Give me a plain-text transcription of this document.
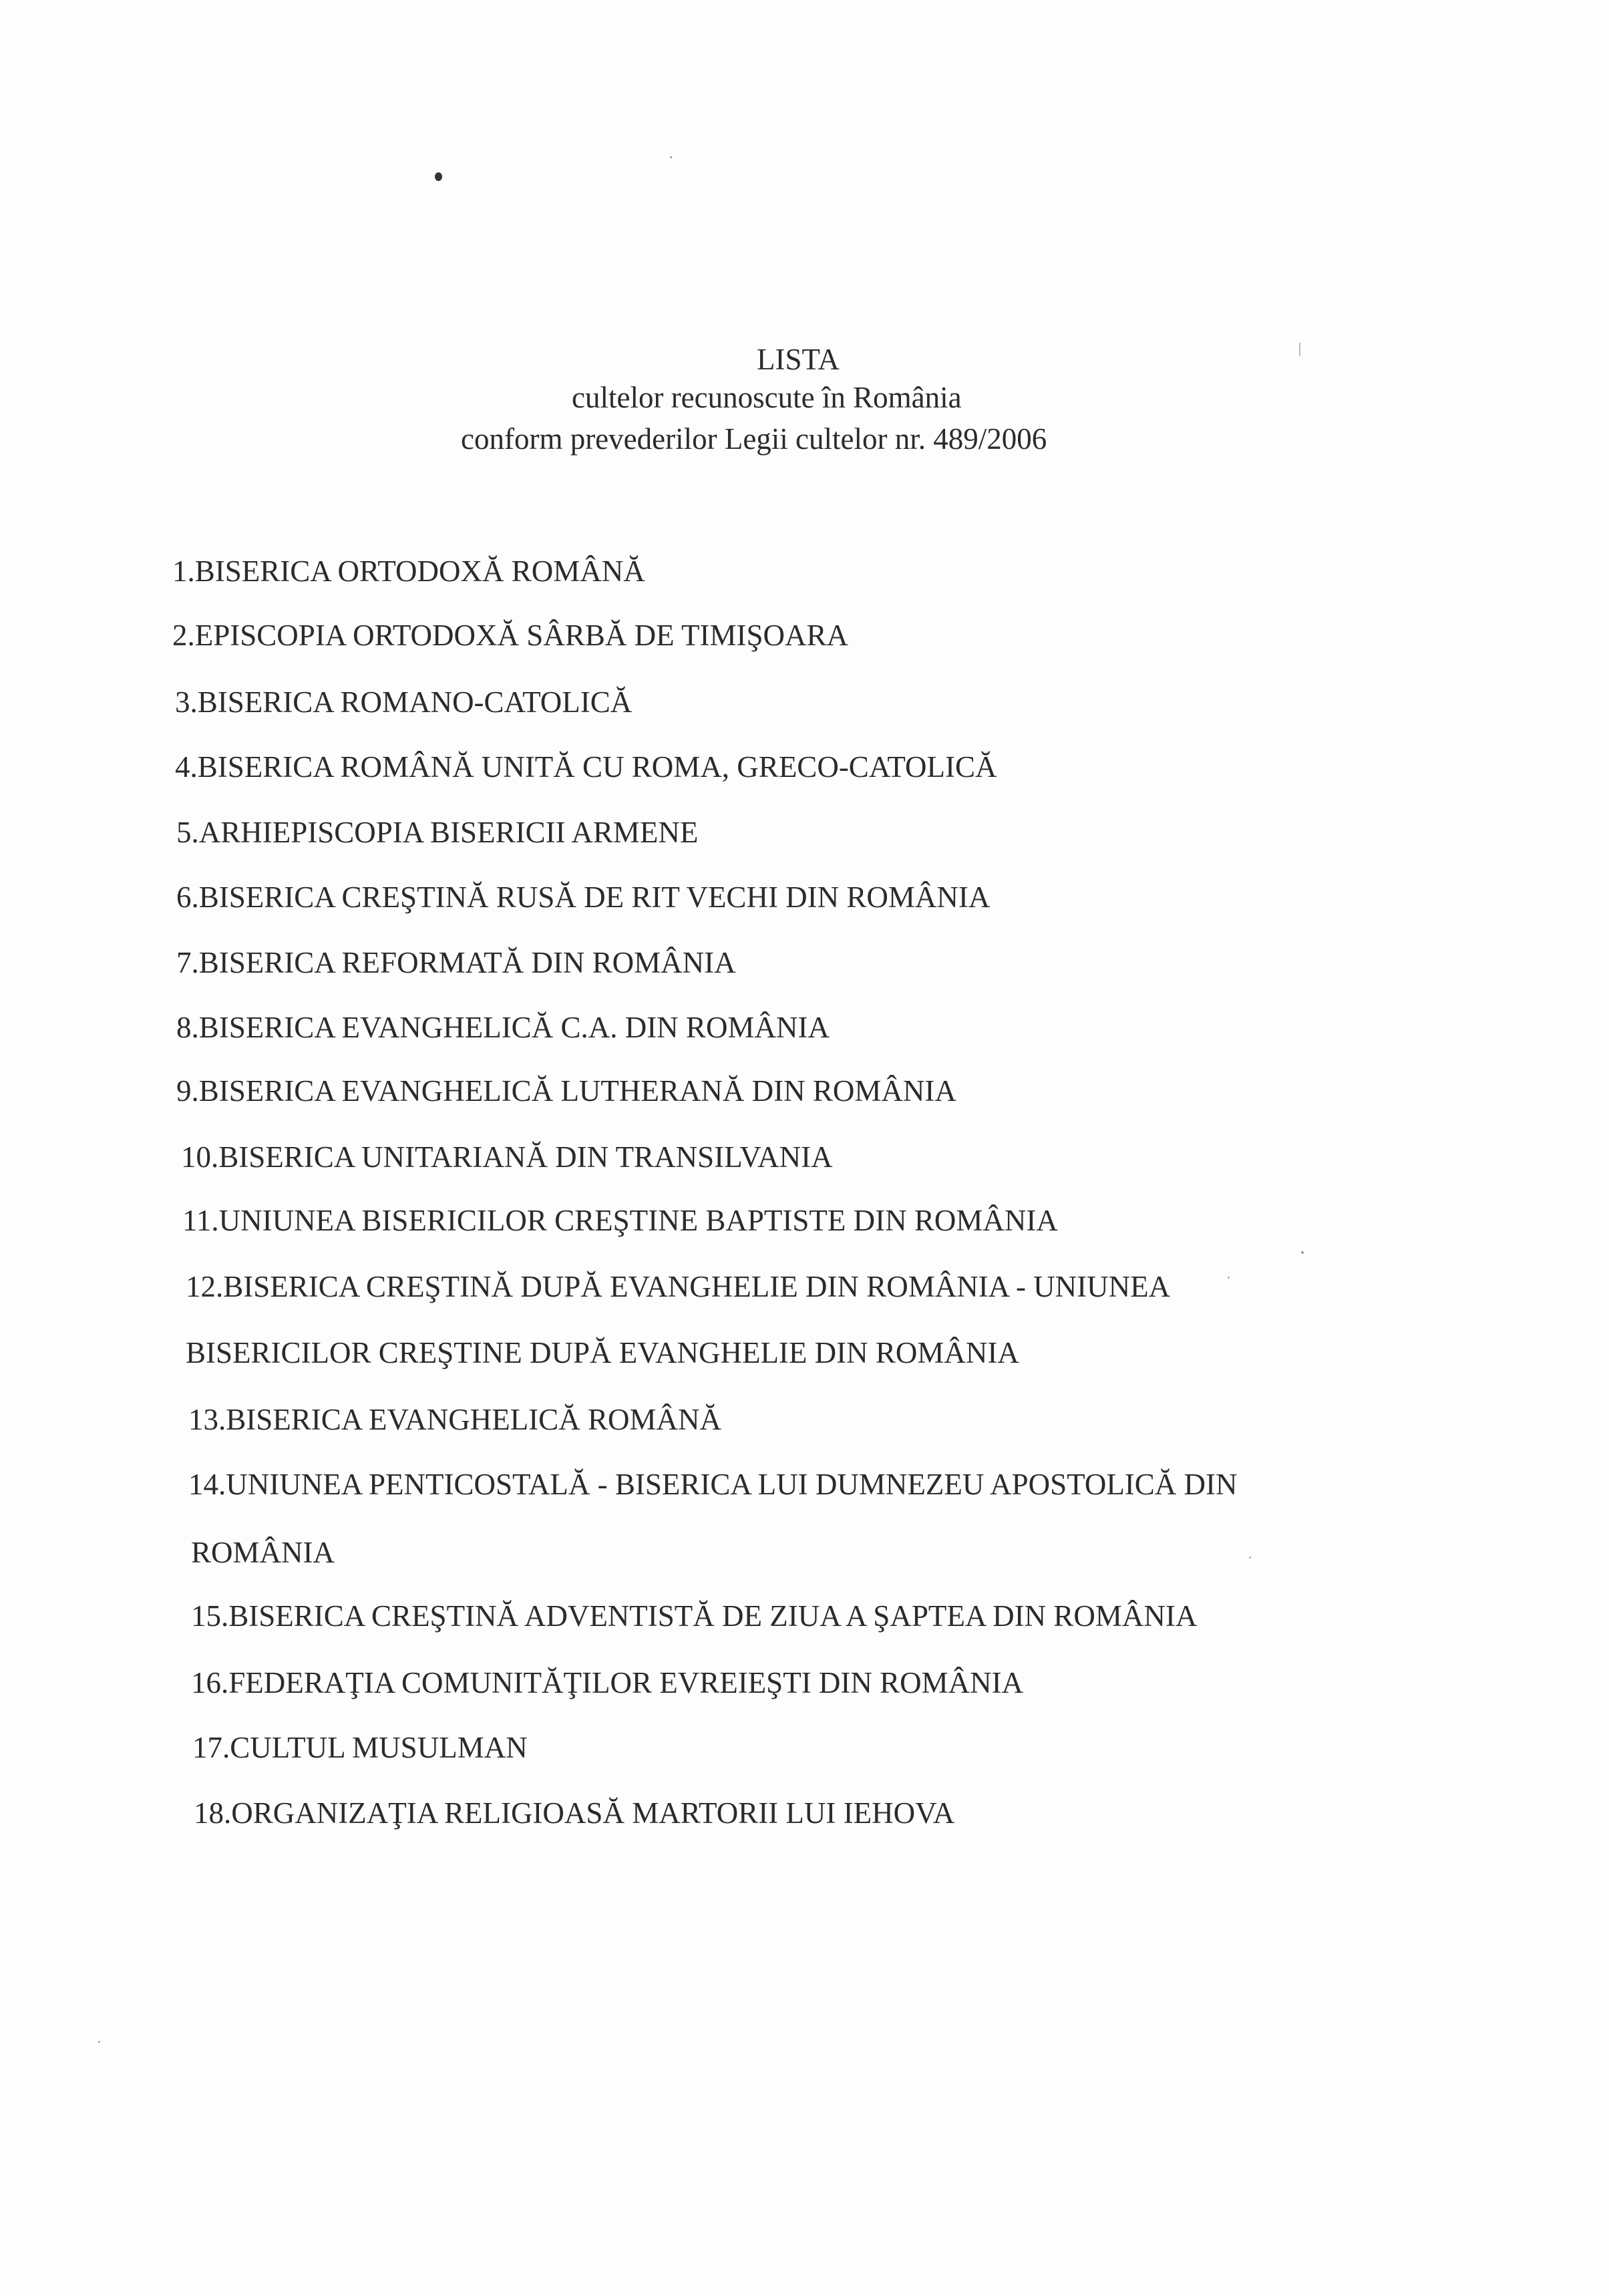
LISTA
cultelor recunoscute în România
conform prevederilor Legii cultelor nr. 489/2006
1.BISERICA ORTODOXĂ ROMÂNĂ
2.EPISCOPIA ORTODOXĂ SÂRBĂ DE TIMIŞOARA
3.BISERICA ROMANO-CATOLICĂ
4.BISERICA ROMÂNĂ UNITĂ CU ROMA, GRECO-CATOLICĂ
5.ARHIEPISCOPIA BISERICII ARMENE
6.BISERICA CREŞTINĂ RUSĂ DE RIT VECHI DIN ROMÂNIA
7.BISERICA REFORMATĂ DIN ROMÂNIA
8.BISERICA EVANGHELICĂ C.A. DIN ROMÂNIA
9.BISERICA EVANGHELICĂ LUTHERANĂ DIN ROMÂNIA
10.BISERICA UNITARIANĂ DIN TRANSILVANIA
11.UNIUNEA BISERICILOR CREŞTINE BAPTISTE DIN ROMÂNIA
12.BISERICA CREŞTINĂ DUPĂ EVANGHELIE DIN ROMÂNIA - UNIUNEA
BISERICILOR CREŞTINE DUPĂ EVANGHELIE DIN ROMÂNIA
13.BISERICA EVANGHELICĂ ROMÂNĂ
14.UNIUNEA PENTICOSTALĂ - BISERICA LUI DUMNEZEU APOSTOLICĂ DIN
ROMÂNIA
15.BISERICA CREŞTINĂ ADVENTISTĂ DE ZIUA A ŞAPTEA DIN ROMÂNIA
16.FEDERAŢIA COMUNITĂŢILOR EVREIEŞTI DIN ROMÂNIA
17.CULTUL MUSULMAN
18.ORGANIZAŢIA RELIGIOASĂ MARTORII LUI IEHOVA
